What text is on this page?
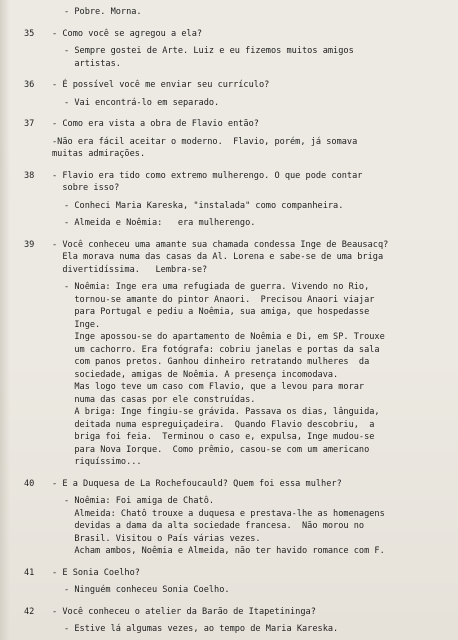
- Pobre. Morna.
35	- Como você se agregou a ela?
- Sempre gostei de Arte. Luiz e eu fizemos muitos amigos
artistas.
36	- É possível você me enviar seu currículo?
- Vai encontrá-lo em separado.
37	- Como era vista a obra de Flavio então?
-Não era fácil aceitar o moderno.  Flavio, porém, já somava
muitas admirações.
38	- Flavio era tido como extremo mulherengo. O que pode contar
sobre isso?
- Conheci Maria Kareska, "instalada" como companheira.
- Almeida e Noêmia:   era mulherengo.
39	- Você conheceu uma amante sua chamada condessa Inge de Beausacq?
Ela morava numa das casas da Al. Lorena e sabe-se de uma briga
divertidíssima.   Lembra-se?
- Noêmia: Inge era uma refugiada de guerra. Vivendo no Rio,
tornou-se amante do pintor Anaori.  Precisou Anaori viajar
para Portugal e pediu a Noêmia, sua amiga, que hospedasse
Inge.
Inge apossou-se do apartamento de Noêmia e Di, em SP. Trouxe
um cachorro. Era fotógrafa: cobriu janelas e portas da sala
com panos pretos. Ganhou dinheiro retratando mulheres  da
sociedade, amigas de Noêmia. A presença incomodava.
Mas logo teve um caso com Flavio, que a levou para morar
numa das casas por ele construídas.
A briga: Inge fingiu-se grávida. Passava os dias, lânguida,
deitada numa espreguiçadeira.  Quando Flavio descobriu,  a
briga foi feia.  Terminou o caso e, expulsa, Inge mudou-se
para Nova Iorque.  Como prêmio, casou-se com um americano
riquíssimo...
40	- E a Duquesa de La Rochefoucauld? Quem foi essa mulher?
- Noêmia: Foi amiga de Chatô.
Almeida: Chatô trouxe a duquesa e prestava-lhe as homenagens
devidas a dama da alta sociedade francesa.  Não morou no
Brasil. Visitou o País várias vezes.
Acham ambos, Noêmia e Almeida, não ter havido romance com F.
41	- E Sonia Coelho?
- Ninguém conheceu Sonia Coelho.
42	- Você conheceu o atelier da Barão de Itapetininga?
- Estive lá algumas vezes, ao tempo de Maria Kareska.
